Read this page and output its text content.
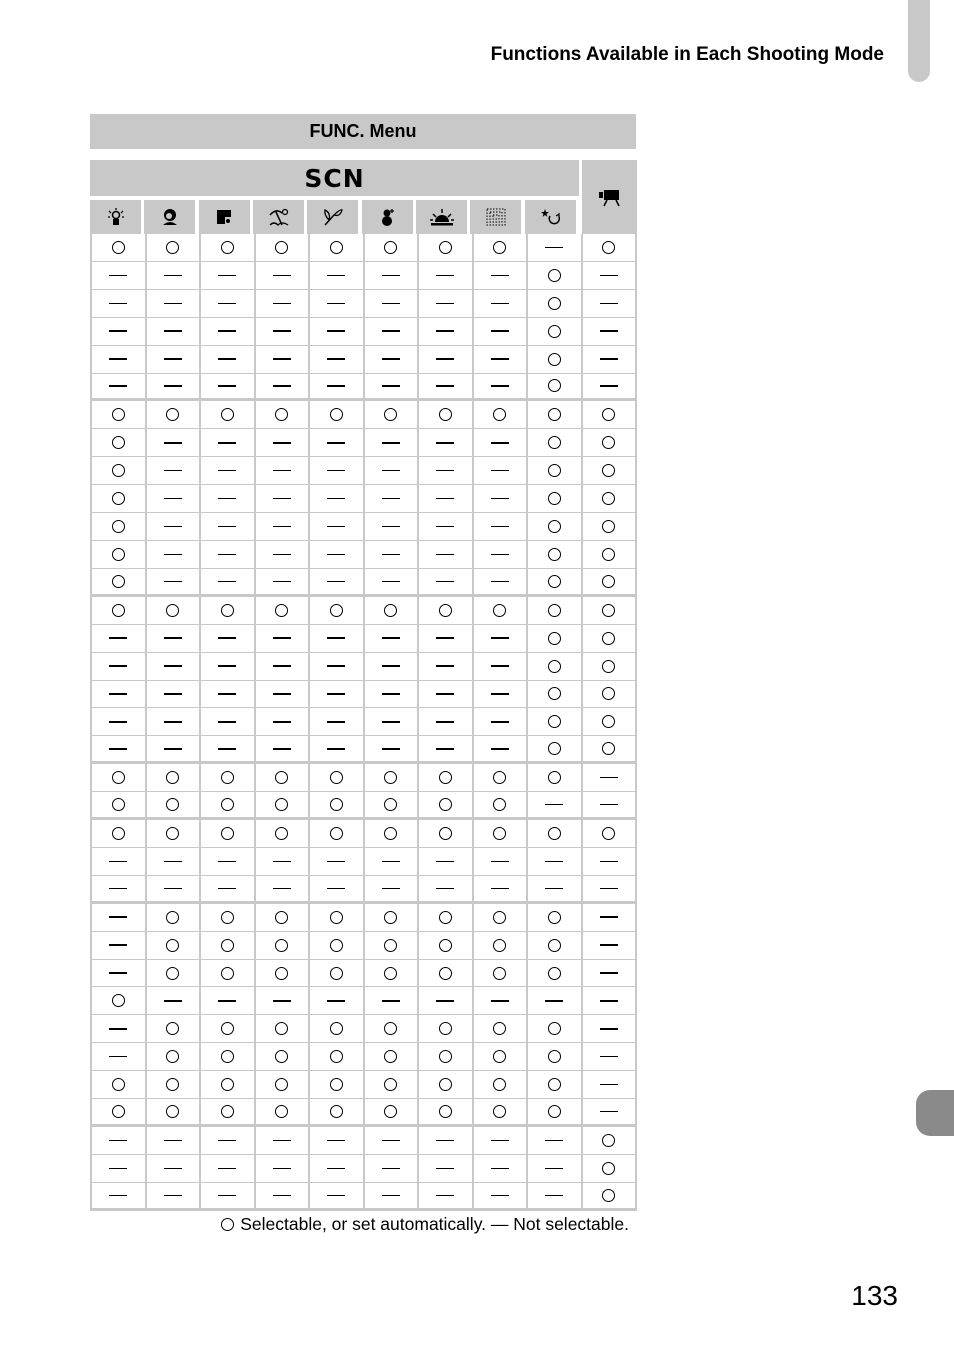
Functions Available in Each Shooting Mode
FUNC. Menu
SCN
Selectable, or set automatically. — Not selectable.
133
